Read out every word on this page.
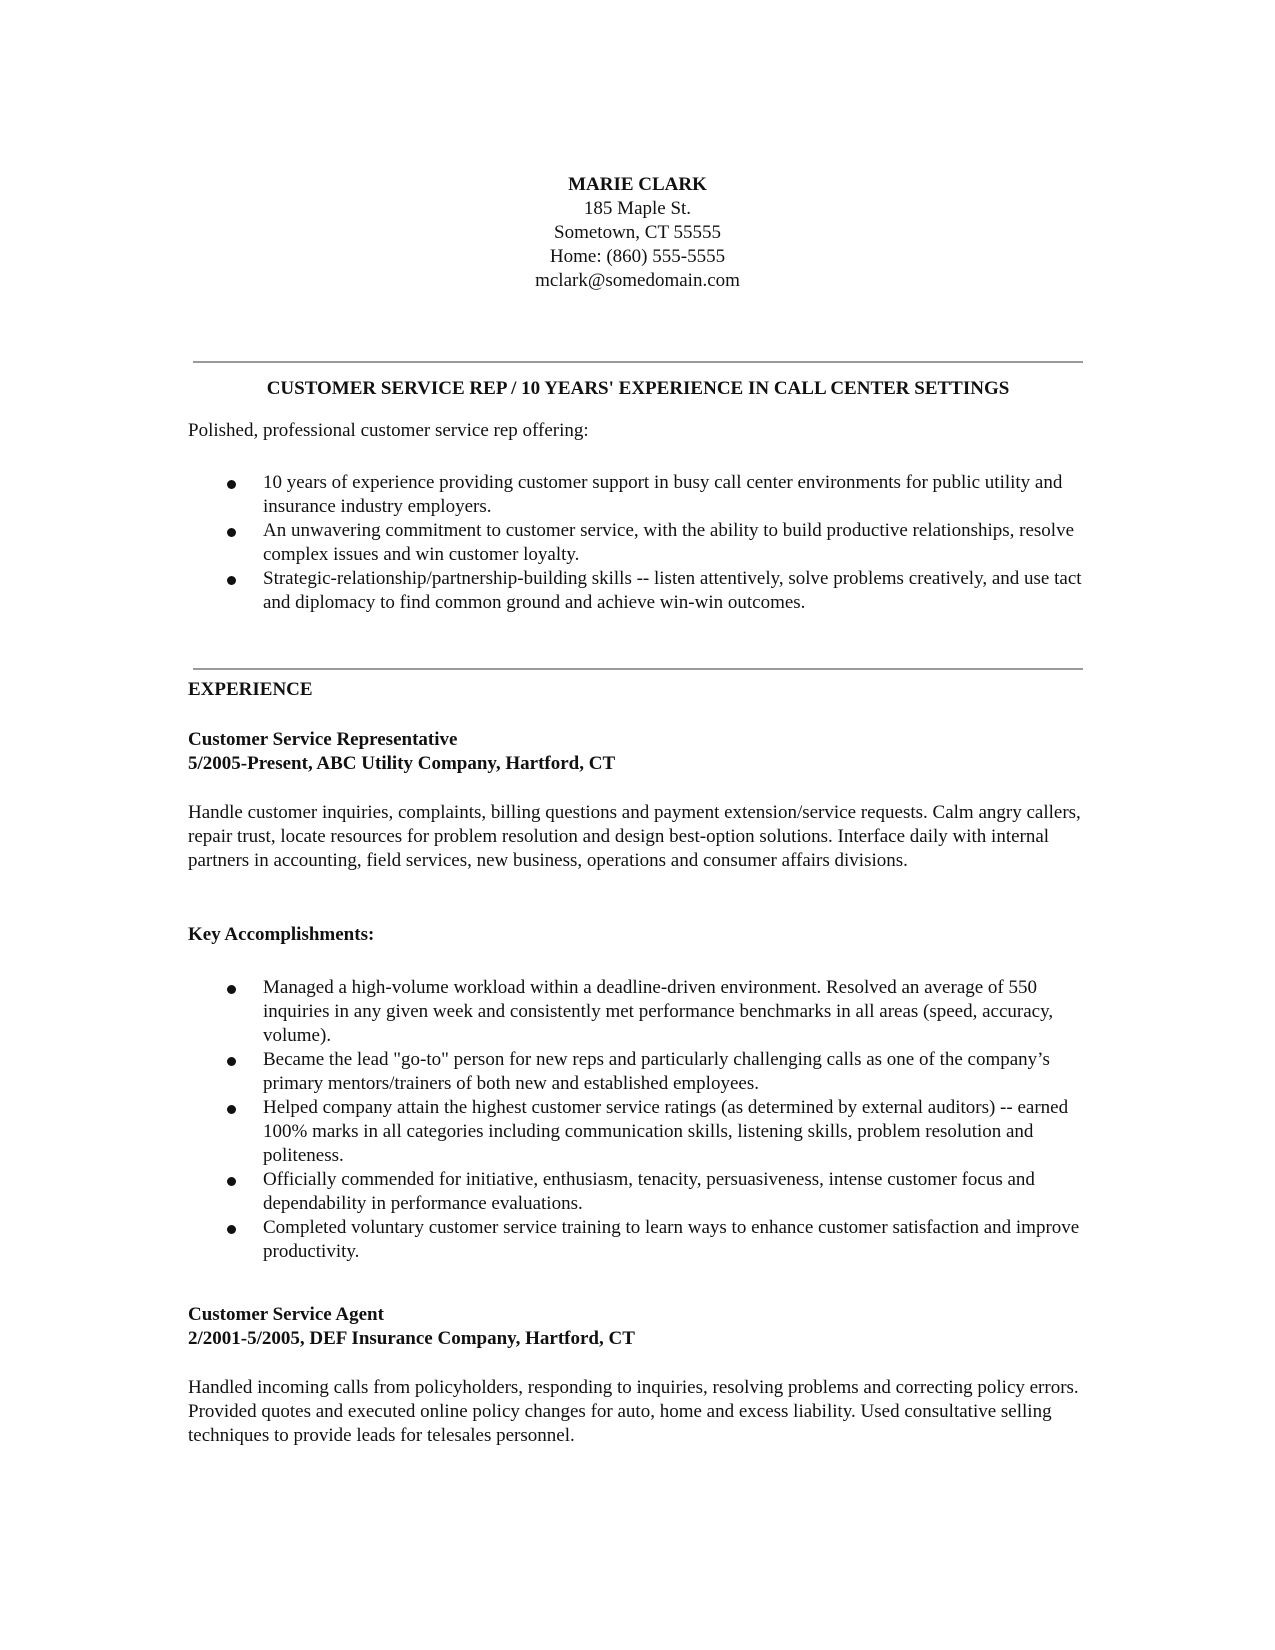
MARIE CLARK
185 Maple St.
Sometown, CT 55555
Home: (860) 555-5555
mclark@somedomain.com
CUSTOMER SERVICE REP / 10 YEARS' EXPERIENCE IN CALL CENTER SETTINGS

Polished, professional customer service rep offering:

10 years of experience providing customer support in busy call center environments for public utility and insurance industry employers.
An unwavering commitment to customer service, with the ability to build productive relationships, resolve complex issues and win customer loyalty.
Strategic-relationship/partnership-building skills -- listen attentively, solve problems creatively, and use tact and diplomacy to find common ground and achieve win-win outcomes.
EXPERIENCE
Customer Service Representative
5/2005-Present, ABC Utility Company, Hartford, CT

Handle customer inquiries, complaints, billing questions and payment extension/service requests. Calm angry callers, repair trust, locate resources for problem resolution and design best-option solutions. Interface daily with internal partners in accounting, field services, new business, operations and consumer affairs divisions.

Key Accomplishments:
Managed a high-volume workload within a deadline-driven environment. Resolved an average of 550 inquiries in any given week and consistently met performance benchmarks in all areas (speed, accuracy, volume).
Became the lead "go-to" person for new reps and particularly challenging calls as one of the company’s primary mentors/trainers of both new and established employees.
Helped company attain the highest customer service ratings (as determined by external auditors) -- earned 100% marks in all categories including communication skills, listening skills, problem resolution and politeness.
Officially commended for initiative, enthusiasm, tenacity, persuasiveness, intense customer focus and dependability in performance evaluations.
Completed voluntary customer service training to learn ways to enhance customer satisfaction and improve productivity.
Customer Service Agent
2/2001-5/2005, DEF Insurance Company, Hartford, CT

Handled incoming calls from policyholders, responding to inquiries, resolving problems and correcting policy errors. Provided quotes and executed online policy changes for auto, home and excess liability. Used consultative selling techniques to provide leads for telesales personnel.
